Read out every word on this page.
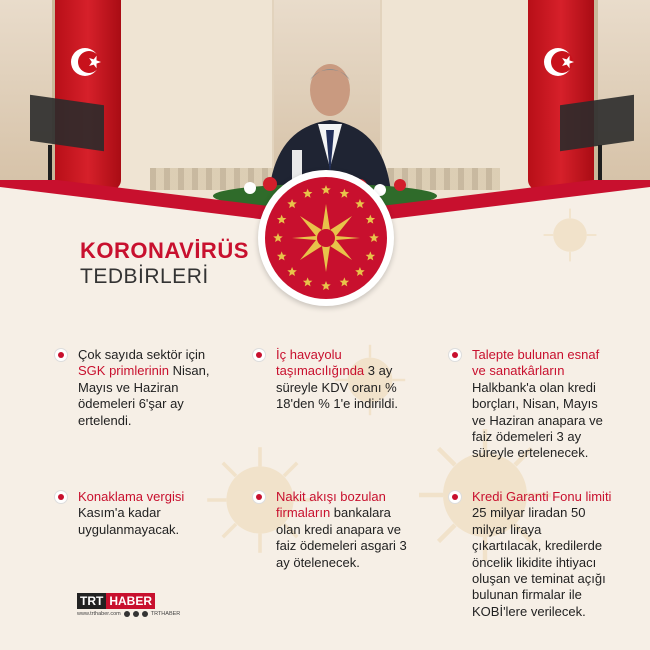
KORONAVİRÜS
TEDBİRLERİ
Çok sayıda sektör için SGK primlerinin Nisan, Mayıs ve Haziran ödemeleri 6'şar ay ertelendi.
İç havayolu taşımacılığında 3 ay süreyle KDV oranı % 18'den % 1'e indirildi.
Talepte bulunan esnaf ve sanatkârların Halkbank'a olan kredi borçları, Nisan, Mayıs ve Haziran anapara ve faiz ödemeleri 3 ay süreyle ertelenecek.
Konaklama vergisi Kasım'a kadar uygulanmayacak.
Nakit akışı bozulan firmaların bankalara olan kredi anapara ve faiz ödemeleri asgari 3 ay ötelenecek.
Kredi Garanti Fonu limiti 25 milyar liradan 50 milyar liraya çıkartılacak, kredilerde öncelik likidite ihtiyacı oluşan ve teminat açığı bulunan firmalar ile KOBİ'lere verilecek.
TRT HABER
www.trthaber.com	TRTHABER
